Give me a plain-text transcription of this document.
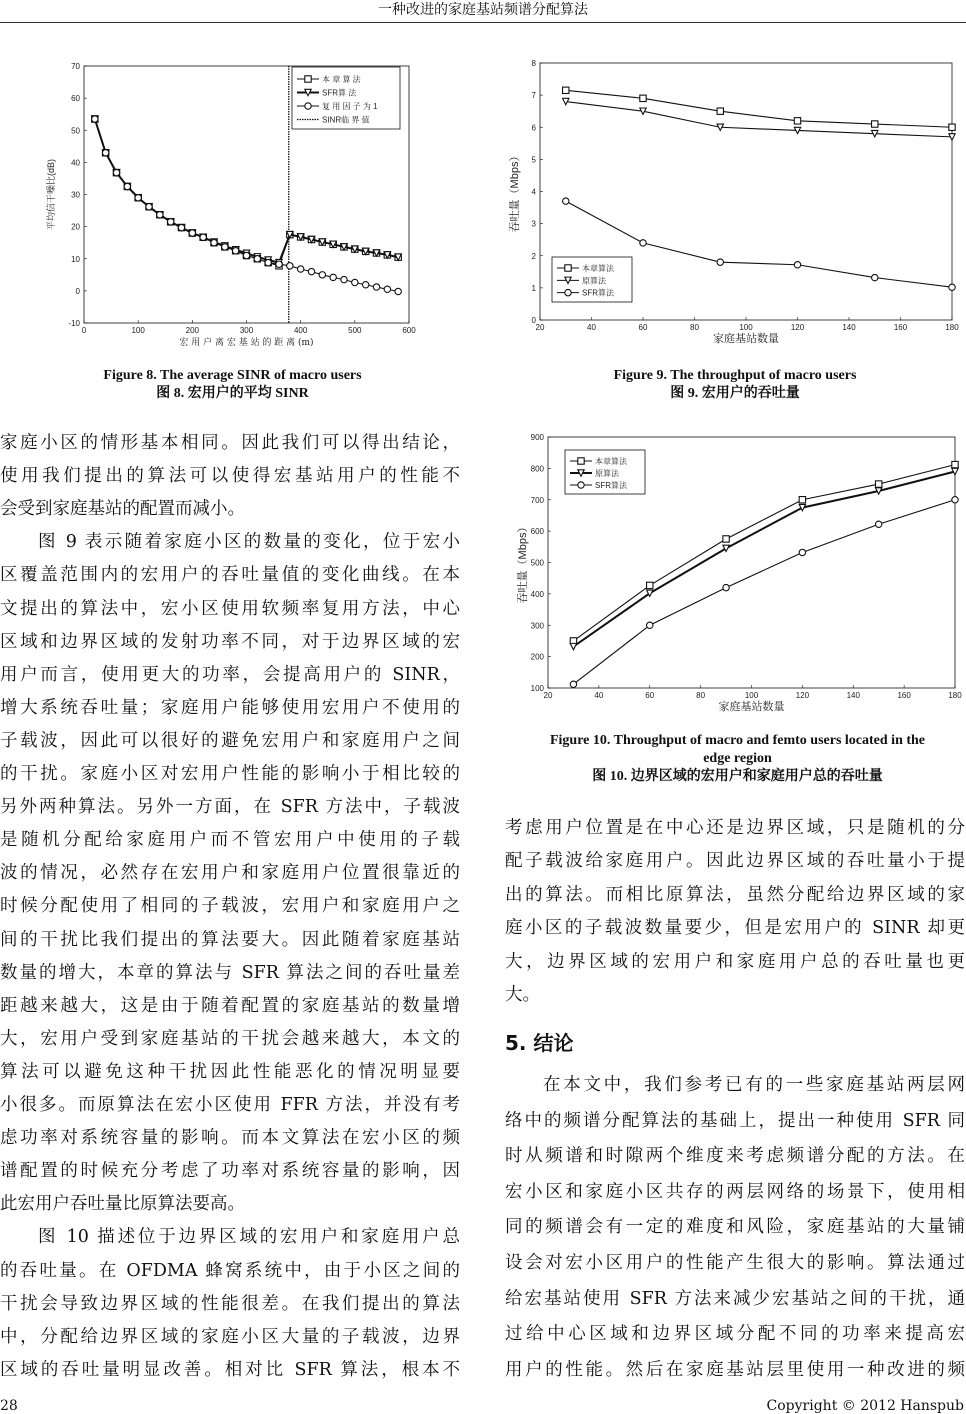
一种改进的家庭基站频谱分配算法
0	100	200	300	400	500	600
-10
0
10
20
30
40
50
60
70
宏 用 户 离 宏 基 站 的 距 离 (m)
平均信干噪比(dB)
本 章 算 法
SFR算 法
复 用 因 子 为 1
SINR临 界 值
20	40	60	80	100	120	140	160	180
0
1
2
3
4
5
6
7
8
家庭基站数量
吞吐量（Mbps）
本章算法
原算法
SFR算法
20	40	60	80	100	120	140	160	180
100
200
300
400
500
600
700
800
900
家庭基站数量
吞吐量（Mbps）
本章算法
原算法
SFR算法
Figure 8. The average SINR of macro users
图 8. 宏用户的平均 SINR
Figure 9. The throughput of macro users
图 9. 宏用户的吞吐量
Figure 10. Throughput of macro and femto users located in the
edge region
图 10. 边界区域的宏用户和家庭用户总的吞吐量
家庭小区的情形基本相同。因此我们可以得出结论，
使用我们提出的算法可以使得宏基站用户的性能不
会受到家庭基站的配置而减小。
图 9 表示随着家庭小区的数量的变化，位于宏小
区覆盖范围内的宏用户的吞吐量值的变化曲线。在本
文提出的算法中，宏小区使用软频率复用方法，中心
区域和边界区域的发射功率不同，对于边界区域的宏
用户而言，使用更大的功率，会提高用户的 SINR，
增大系统吞吐量；家庭用户能够使用宏用户不使用的
子载波，因此可以很好的避免宏用户和家庭用户之间
的干扰。家庭小区对宏用户性能的影响小于相比较的
另外两种算法。另外一方面，在 SFR 方法中，子载波
是随机分配给家庭用户而不管宏用户中使用的子载
波的情况，必然存在宏用户和家庭用户位置很靠近的
时候分配使用了相同的子载波，宏用户和家庭用户之
间的干扰比我们提出的算法要大。因此随着家庭基站
数量的增大，本章的算法与 SFR 算法之间的吞吐量差
距越来越大，这是由于随着配置的家庭基站的数量增
大，宏用户受到家庭基站的干扰会越来越大，本文的
算法可以避免这种干扰因此性能恶化的情况明显要
小很多。而原算法在宏小区使用 FFR 方法，并没有考
虑功率对系统容量的影响。而本文算法在宏小区的频
谱配置的时候充分考虑了功率对系统容量的影响，因
此宏用户吞吐量比原算法要高。
图 10 描述位于边界区域的宏用户和家庭用户总
的吞吐量。在 OFDMA 蜂窝系统中，由于小区之间的
干扰会导致边界区域的性能很差。在我们提出的算法
中，分配给边界区域的家庭小区大量的子载波，边界
区域的吞吐量明显改善。相对比 SFR 算法，根本不
考虑用户位置是在中心还是边界区域，只是随机的分
配子载波给家庭用户。因此边界区域的吞吐量小于提
出的算法。而相比原算法，虽然分配给边界区域的家
庭小区的子载波数量要少，但是宏用户的 SINR 却更
大，边界区域的宏用户和家庭用户总的吞吐量也更
大。
5. 结论
在本文中，我们参考已有的一些家庭基站两层网
络中的频谱分配算法的基础上，提出一种使用 SFR 同
时从频谱和时隙两个维度来考虑频谱分配的方法。在
宏小区和家庭小区共存的两层网络的场景下，使用相
同的频谱会有一定的难度和风险，家庭基站的大量铺
设会对宏小区用户的性能产生很大的影响。算法通过
给宏基站使用 SFR 方法来减少宏基站之间的干扰，通
过给中心区域和边界区域分配不同的功率来提高宏
用户的性能。然后在家庭基站层里使用一种改进的频
28	Copyright © 2012 Hanspub
